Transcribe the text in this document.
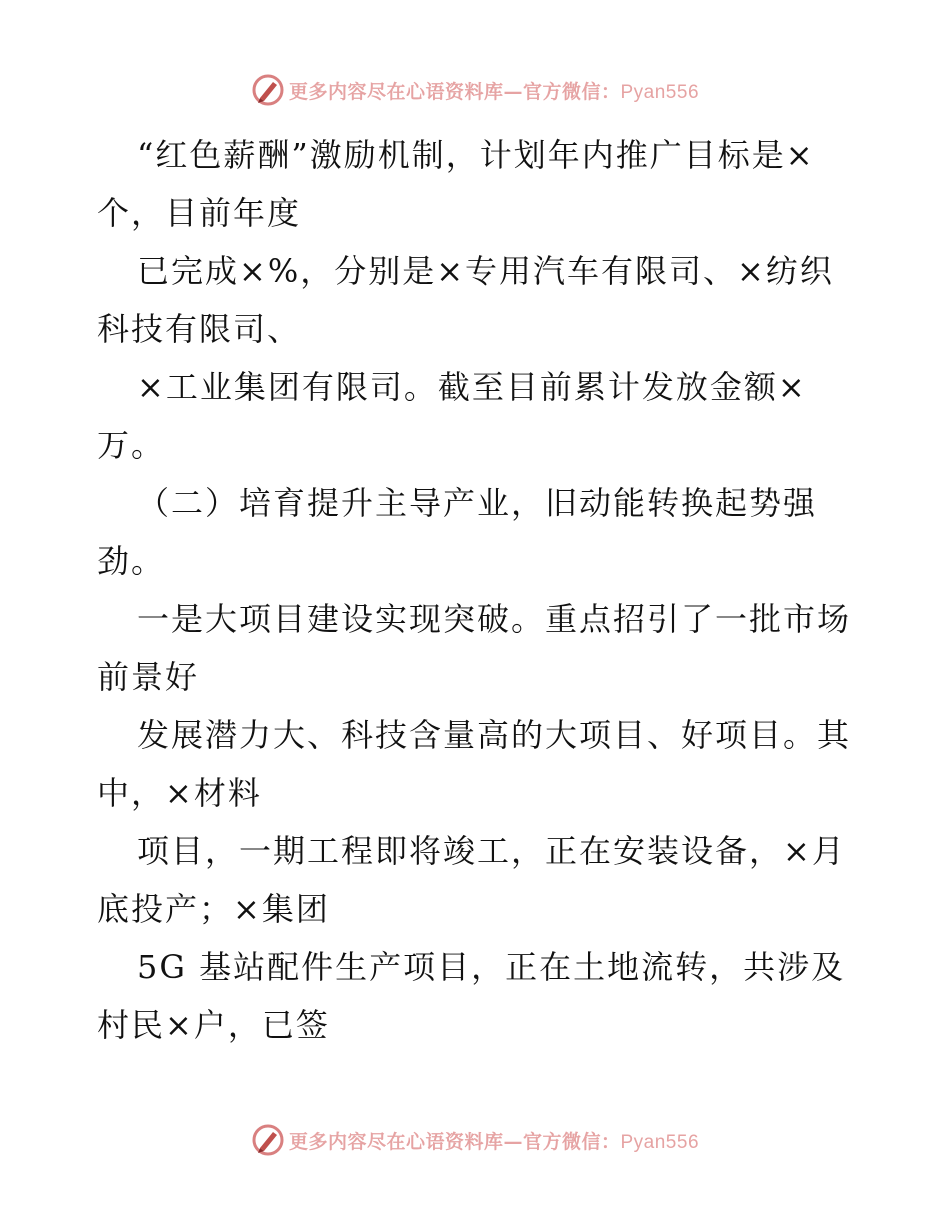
更多内容尽在心语资料库—官方微信：Pyan556
“红色薪酬”激励机制，计划年内推广目标是×
个，目前年度
已完成×%，分别是×专用汽车有限司、×纺织
科技有限司、
×工业集团有限司。截至目前累计发放金额×
万。
（二）培育提升主导产业，旧动能转换起势强
劲。
一是大项目建设实现突破。重点招引了一批市场
前景好
发展潜力大、科技含量高的大项目、好项目。其
中，×材料
项目，一期工程即将竣工，正在安装设备，×月
底投产；×集团
5G 基站配件生产项目，正在土地流转，共涉及
村民×户，已签
更多内容尽在心语资料库—官方微信：Pyan556
